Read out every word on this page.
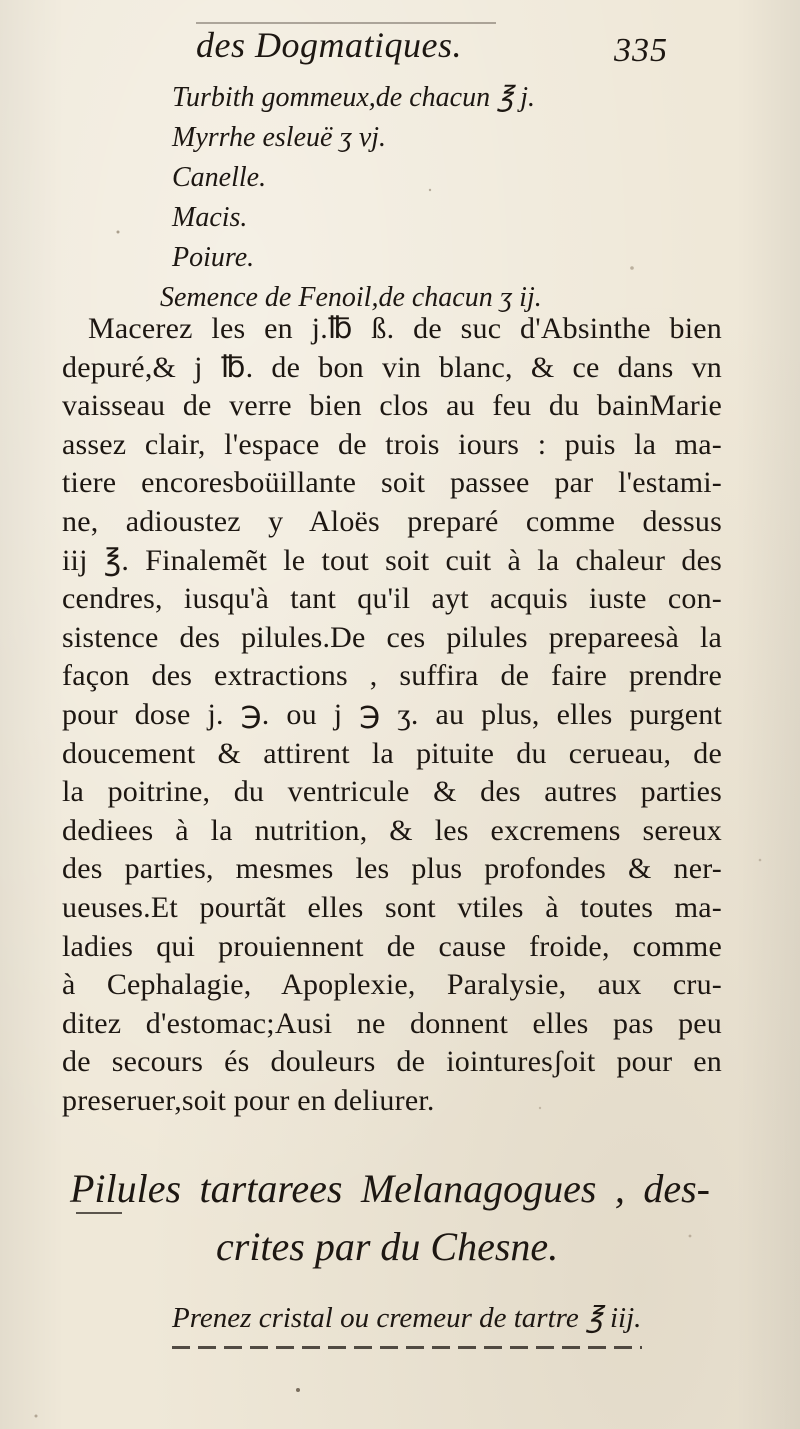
des Dogmatiques.	335
Turbith gommeux,de chacun ℥ j.
Myrrhe esleuë ʒ vj.
Canelle.
Macis.
Poiure.
Semence de Fenoil,de chacun ʒ ij.
Macerez les en j.℔ ß. de suc d'Absinthe bien
depuré,& j ℔. de bon vin blanc, & ce dans vn
vaisseau de verre bien clos au feu du bainMarie
assez clair, l'espace de trois iours : puis la ma-
tiere encoresboüillante soit passee par l'estami-
ne, adioustez y Aloës preparé comme dessus
iij ℥. Finalemẽt le tout soit cuit à la chaleur des
cendres, iusqu'à tant qu'il ayt acquis iuste con-
sistence des pilules.De ces pilules prepareesà la
façon des extractions , suffira de faire prendre
pour dose j. ℈. ou j ℈ ʒ. au plus, elles purgent
doucement & attirent la pituite du cerueau, de
la poitrine, du ventricule & des autres parties
dediees à la nutrition, & les excremens sereux
des parties, mesmes les plus profondes & ner-
ueuses.Et pourtãt elles sont vtiles à toutes ma-
ladies qui prouiennent de cause froide, comme
à Cephalagie, Apoplexie, Paralysie, aux cru-
ditez d'estomac;Ausi ne donnent elles pas peu
de secours és douleurs de iointuresʃoit pour en
preseruer,soit pour en deliurer.
Pilules tartarees Melanagogues , des-
crites par du Chesne.
Prenez cristal ou cremeur de tartre ℥ iij.
